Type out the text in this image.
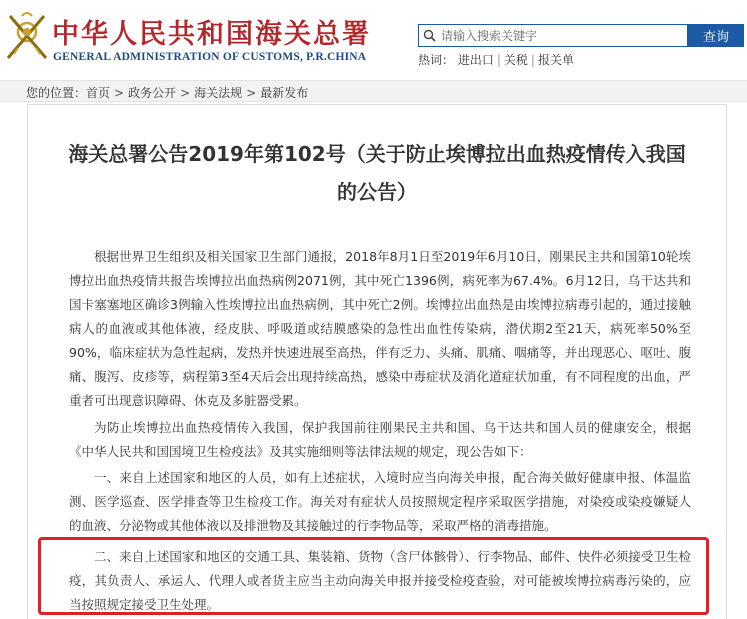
中华人民共和国海关总署
GENERAL ADMINISTRATION OF CUSTOMS, P.R.CHINA
请输入搜索关键字
查询
热词： 进出口 | 关税 | 报关单
您的位置：首页 > 政务公开 > 海关法规 > 最新发布
海关总署公告2019年第102号（关于防止埃博拉出血热疫情传入我国的公告）

根据世界卫生组织及相关国家卫生部门通报，2018年8月1日至2019年6月10日，刚果民主共和国第10轮埃博拉出血热疫情共报告埃博拉出血热病例2071例，其中死亡1396例，病死率为67.4%。6月12日，乌干达共和国卡塞塞地区确诊3例输入性埃博拉出血热病例，其中死亡2例。埃博拉出血热是由埃博拉病毒引起的，通过接触病人的血液或其他体液，经皮肤、呼吸道或结膜感染的急性出血性传染病，潜伏期2至21天，病死率50%至90%，临床症状为急性起病，发热并快速进展至高热，伴有乏力、头痛、肌痛、咽痛等，并出现恶心、呕吐、腹痛、腹泻、皮疹等，病程第3至4天后会出现持续高热，感染中毒症状及消化道症状加重，有不同程度的出血，严重者可出现意识障碍、休克及多脏器受累。

为防止埃博拉出血热疫情传入我国，保护我国前往刚果民主共和国、乌干达共和国人员的健康安全，根据《中华人民共和国国境卫生检疫法》及其实施细则等法律法规的规定，现公告如下：

一、来自上述国家和地区的人员，如有上述症状，入境时应当向海关申报，配合海关做好健康申报、体温监测、医学巡查、医学排查等卫生检疫工作。海关对有症状人员按照规定程序采取医学措施，对染疫或染疫嫌疑人的血液、分泌物或其他体液以及排泄物及其接触过的行李物品等，采取严格的消毒措施。

二、来自上述国家和地区的交通工具、集装箱、货物（含尸体骸骨）、行李物品、邮件、快件必须接受卫生检疫，其负责人、承运人、代理人或者货主应当主动向海关申报并接受检疫查验，对可能被埃博拉病毒污染的，应当按照规定接受卫生处理。
